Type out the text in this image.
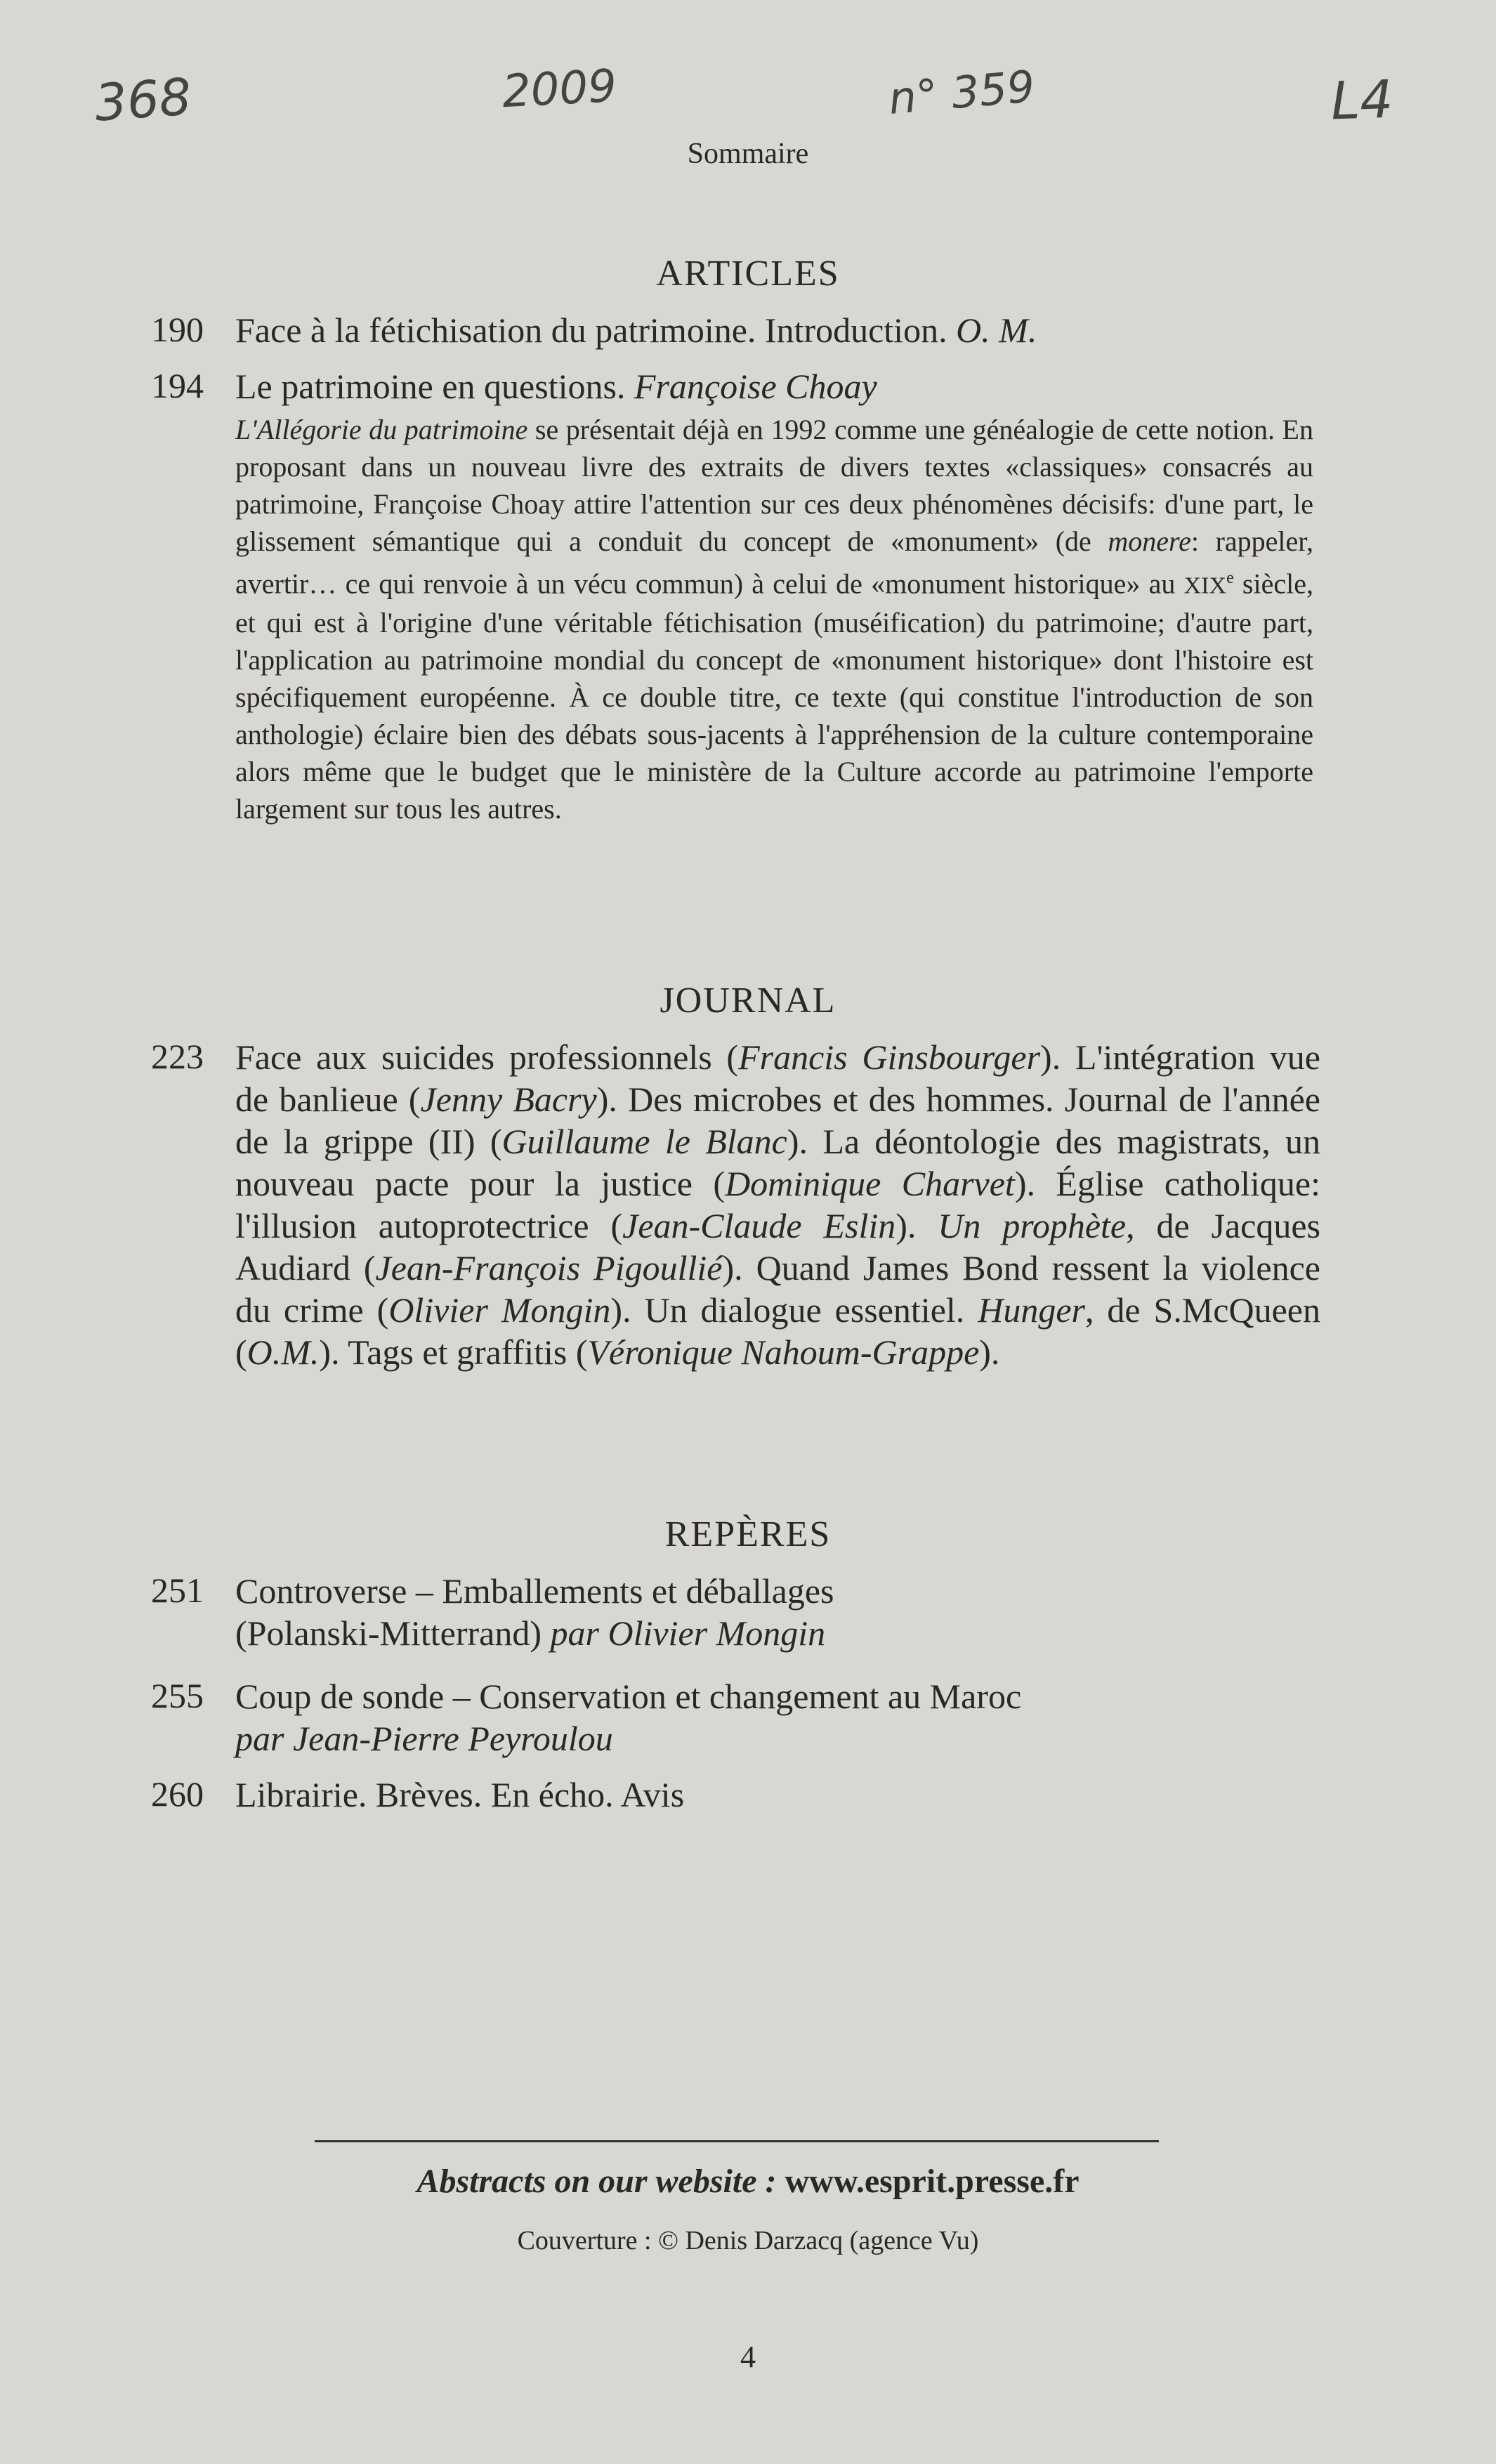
368	2009	n° 359	L4
Sommaire
ARTICLES
190 Face à la fétichisation du patrimoine. Introduction. O. M.
194 Le patrimoine en questions. Françoise Choay
L'Allégorie du patrimoine se présentait déjà en 1992 comme une généalogie de cette notion. En proposant dans un nouveau livre des extraits de divers textes «classiques» consacrés au patrimoine, Françoise Choay attire l'attention sur ces deux phénomènes décisifs: d'une part, le glissement sémantique qui a conduit du concept de «monument» (de monere: rappeler, avertir… ce qui renvoie à un vécu commun) à celui de «monument historique» au XIXe siècle, et qui est à l'origine d'une véritable fétichisation (muséification) du patrimoine; d'autre part, l'application au patrimoine mondial du concept de «monument historique» dont l'histoire est spécifiquement européenne. À ce double titre, ce texte (qui constitue l'introduction de son anthologie) éclaire bien des débats sous-jacents à l'appréhension de la culture contemporaine alors même que le budget que le ministère de la Culture accorde au patrimoine l'emporte largement sur tous les autres.
JOURNAL
223 Face aux suicides professionnels (Francis Ginsbourger). L'intégration vue de banlieue (Jenny Bacry). Des microbes et des hommes. Journal de l'année de la grippe (II) (Guillaume le Blanc). La déontologie des magistrats, un nouveau pacte pour la justice (Dominique Charvet). Église catholique: l'illusion autoprotectrice (Jean-Claude Eslin). Un prophète, de Jacques Audiard (Jean-François Pigoullié). Quand James Bond ressent la violence du crime (Olivier Mongin). Un dialogue essentiel. Hunger, de S.McQueen (O.M.). Tags et graffitis (Véronique Nahoum-Grappe).
REPÈRES
251 Controverse – Emballements et déballages
(Polanski-Mitterrand) par Olivier Mongin
255 Coup de sonde – Conservation et changement au Maroc
par Jean-Pierre Peyroulou
260 Librairie. Brèves. En écho. Avis
Abstracts on our website : www.esprit.presse.fr
Couverture : © Denis Darzacq (agence Vu)
4
